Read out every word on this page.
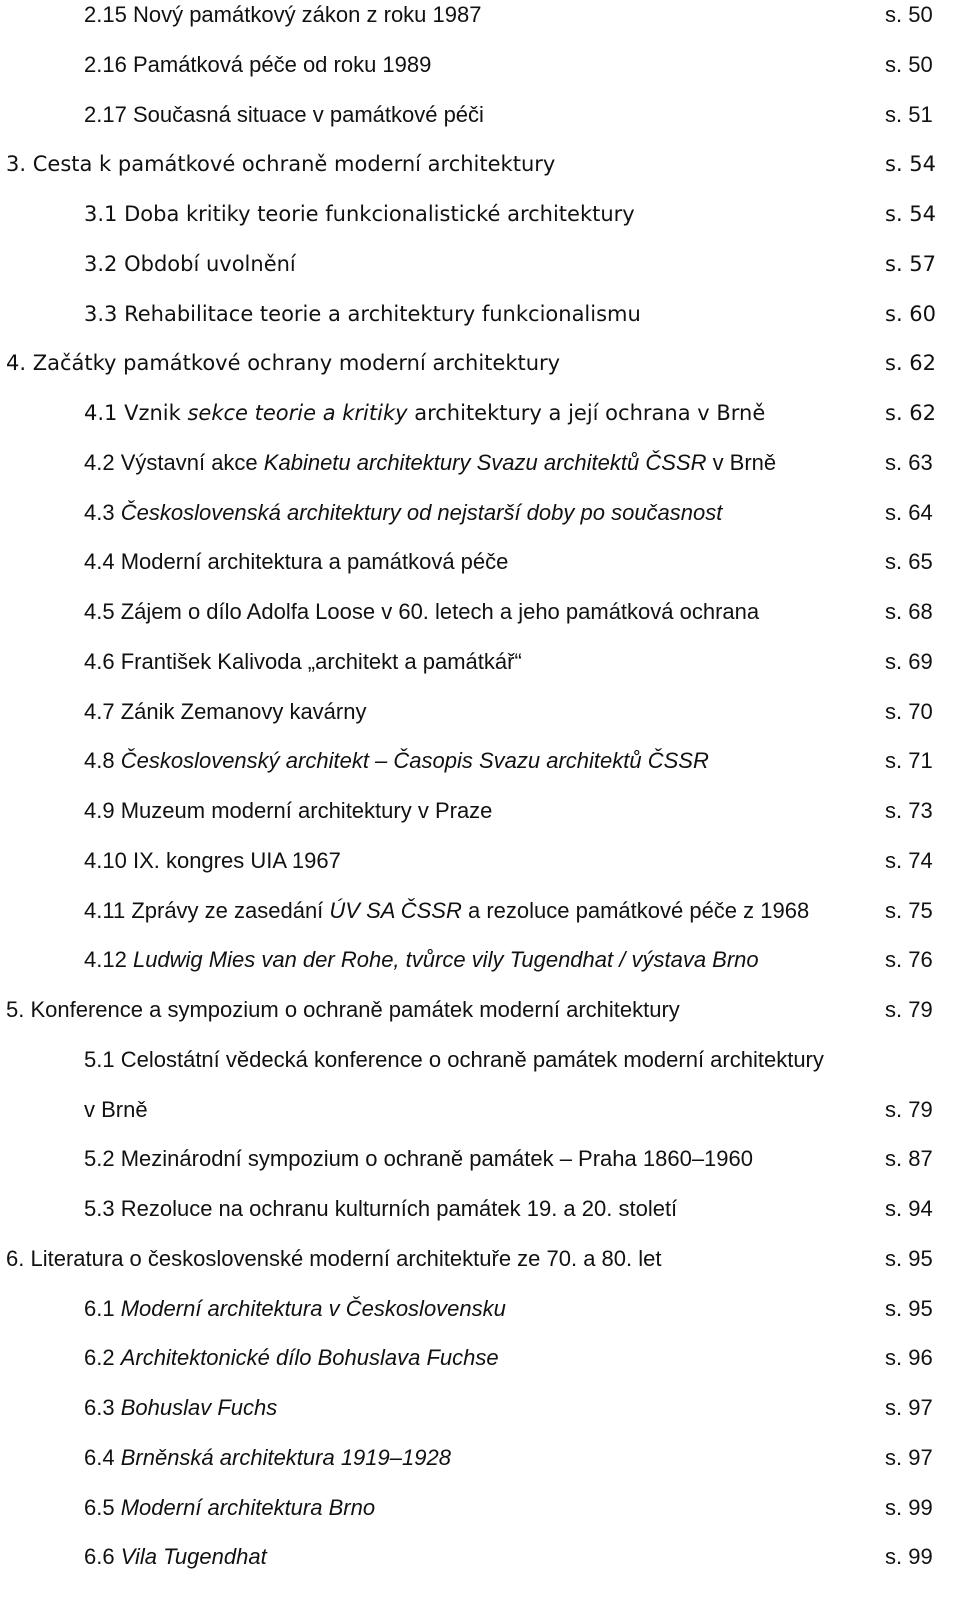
2.15 Nový památkový zákon z roku 1987	s. 50
2.16 Památková péče od roku 1989	s. 50
2.17 Současná situace v památkové péči	s. 51
3. Cesta k památkové ochraně moderní architektury	s. 54
3.1 Doba kritiky teorie funkcionalistické architektury	s. 54
3.2 Období uvolnění	s. 57
3.3 Rehabilitace teorie a architektury funkcionalismu	s. 60
4. Začátky památkové ochrany moderní architektury	s. 62
4.1 Vznik sekce teorie a kritiky architektury a její ochrana v Brně	s. 62
4.2 Výstavní akce Kabinetu architektury Svazu architektů ČSSR v Brně	s. 63
4.3 Československá architektury od nejstarší doby po současnost	s. 64
4.4 Moderní architektura a památková péče	s. 65
4.5 Zájem o dílo Adolfa Loose v 60. letech a jeho památková ochrana	s. 68
4.6 František Kalivoda „architekt a památkář“	s. 69
4.7 Zánik Zemanovy kavárny	s. 70
4.8 Československý architekt – Časopis Svazu architektů ČSSR	s. 71
4.9 Muzeum moderní architektury v Praze	s. 73
4.10 IX. kongres UIA 1967	s. 74
4.11 Zprávy ze zasedání ÚV SA ČSSR a rezoluce památkové péče z 1968	s. 75
4.12 Ludwig Mies van der Rohe, tvůrce vily Tugendhat / výstava Brno	s. 76
5. Konference a sympozium o ochraně památek moderní architektury	s. 79
5.1 Celostátní vědecká konference o ochraně památek moderní architektury
v Brně	s. 79
5.2 Mezinárodní sympozium o ochraně památek – Praha 1860–1960	s. 87
5.3 Rezoluce na ochranu kulturních památek 19. a 20. století	s. 94
6. Literatura o československé moderní architektuře ze 70. a 80. let	s. 95
6.1 Moderní architektura v Československu	s. 95
6.2 Architektonické dílo Bohuslava Fuchse	s. 96
6.3 Bohuslav Fuchs	s. 97
6.4 Brněnská architektura 1919–1928	s. 97
6.5 Moderní architektura Brno	s. 99
6.6 Vila Tugendhat	s. 99
